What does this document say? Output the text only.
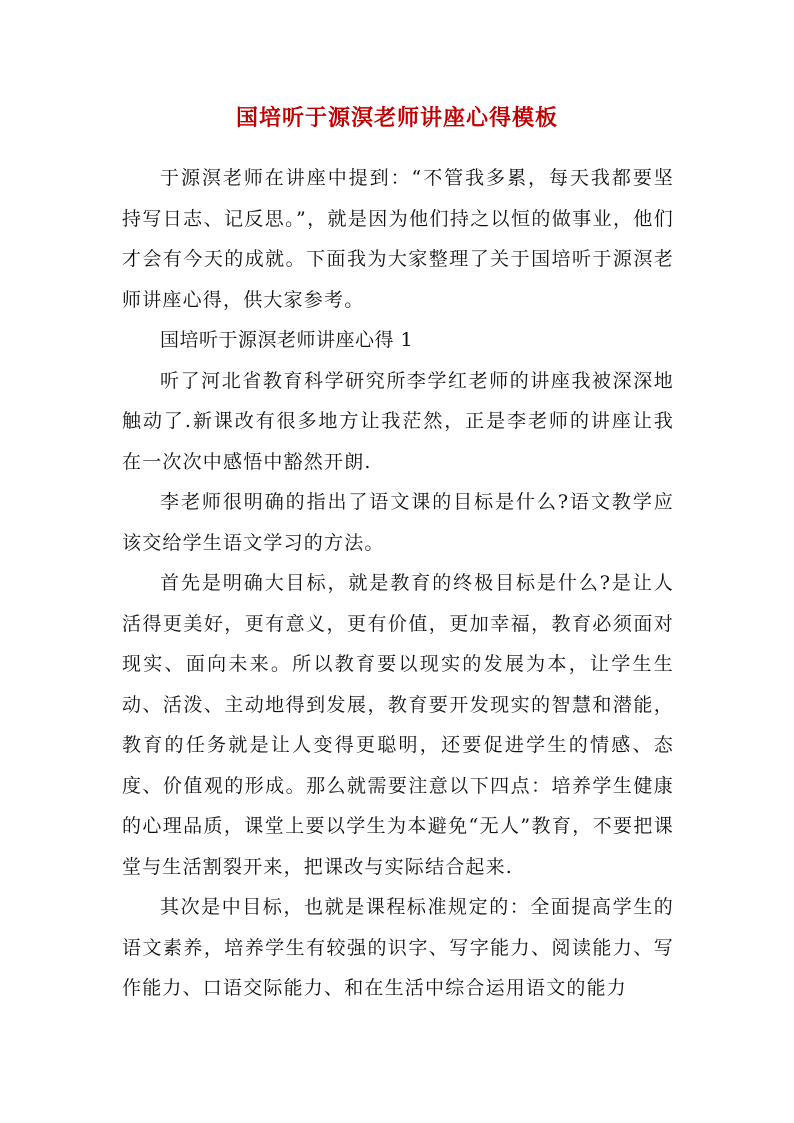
国培听于源溟老师讲座心得模板

于源溟老师在讲座中提到：“不管我多累，每天我都要坚持写日志、记反思。”，就是因为他们持之以恒的做事业，他们才会有今天的成就。下面我为大家整理了关于国培听于源溟老师讲座心得，供大家参考。

国培听于源溟老师讲座心得 1

听了河北省教育科学研究所李学红老师的讲座我被深深地触动了.新课改有很多地方让我茫然，正是李老师的讲座让我在一次次中感悟中豁然开朗.

李老师很明确的指出了语文课的目标是什么?语文教学应该交给学生语文学习的方法。

首先是明确大目标，就是教育的终极目标是什么?是让人活得更美好，更有意义，更有价值，更加幸福，教育必须面对现实、面向未来。所以教育要以现实的发展为本，让学生生动、活泼、主动地得到发展，教育要开发现实的智慧和潜能，教育的任务就是让人变得更聪明，还要促进学生的情感、态度、价值观的形成。那么就需要注意以下四点：培养学生健康的心理品质，课堂上要以学生为本避免“无人”教育，不要把课堂与生活割裂开来，把课改与实际结合起来.

其次是中目标，也就是课程标准规定的：全面提高学生的语文素养，培养学生有较强的识字、写字能力、阅读能力、写作能力、口语交际能力、和在生活中综合运用语文的能力
